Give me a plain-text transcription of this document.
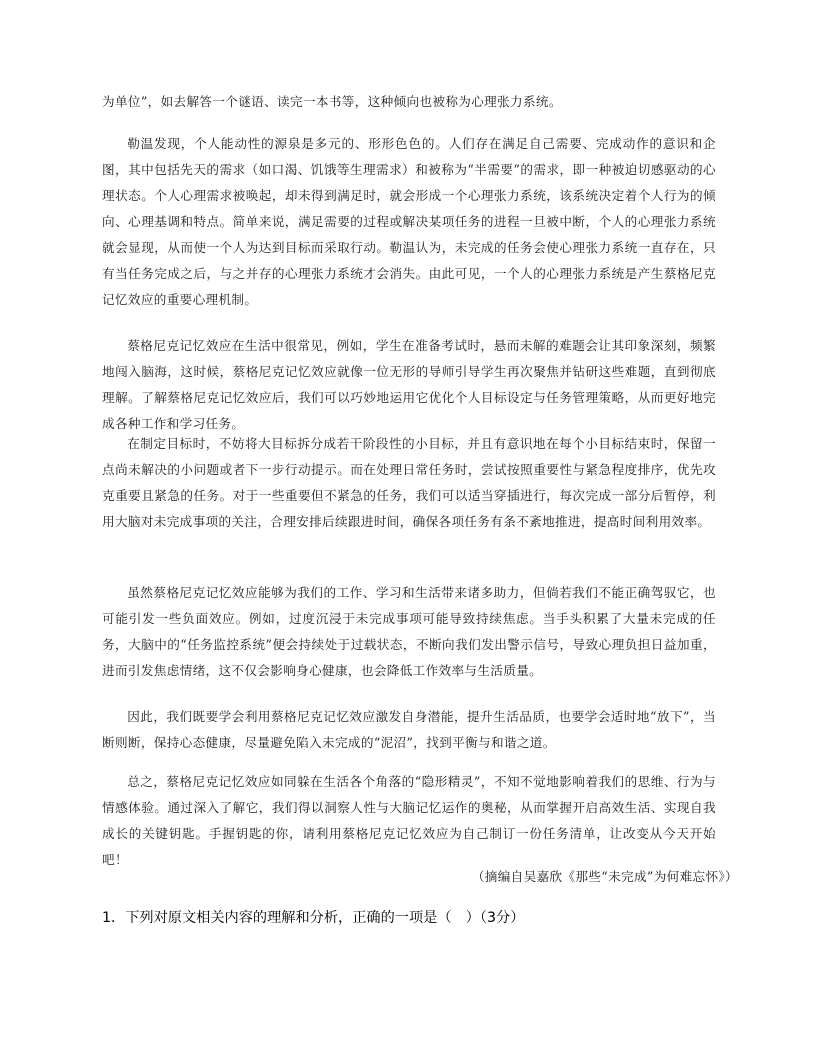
为单位”，如去解答一个谜语、读完一本书等，这种倾向也被称为心理张力系统。

勒温发现，个人能动性的源泉是多元的、形形色色的。人们存在满足自己需要、完成动作的意识和企图，其中包括先天的需求（如口渴、饥饿等生理需求）和被称为“半需要”的需求，即一种被迫切感驱动的心理状态。个人心理需求被唤起，却未得到满足时，就会形成一个心理张力系统，该系统决定着个人行为的倾向、心理基调和特点。简单来说，满足需要的过程或解决某项任务的进程一旦被中断，个人的心理张力系统就会显现，从而使一个人为达到目标而采取行动。勒温认为，未完成的任务会使心理张力系统一直存在，只有当任务完成之后，与之并存的心理张力系统才会消失。由此可见，一个人的心理张力系统是产生蔡格尼克记忆效应的重要心理机制。

蔡格尼克记忆效应在生活中很常见，例如，学生在准备考试时，悬而未解的难题会让其印象深刻，频繁地闯入脑海，这时候，蔡格尼克记忆效应就像一位无形的导师引导学生再次聚焦并钻研这些难题，直到彻底理解。了解蔡格尼克记忆效应后，我们可以巧妙地运用它优化个人目标设定与任务管理策略，从而更好地完成各种工作和学习任务。

在制定目标时，不妨将大目标拆分成若干阶段性的小目标，并且有意识地在每个小目标结束时，保留一点尚未解决的小问题或者下一步行动提示。而在处理日常任务时，尝试按照重要性与紧急程度排序，优先攻克重要且紧急的任务。对于一些重要但不紧急的任务，我们可以适当穿插进行，每次完成一部分后暂停，利用大脑对未完成事项的关注，合理安排后续跟进时间，确保各项任务有条不紊地推进，提高时间利用效率。

虽然蔡格尼克记忆效应能够为我们的工作、学习和生活带来诸多助力，但倘若我们不能正确驾驭它，也可能引发一些负面效应。例如，过度沉浸于未完成事项可能导致持续焦虑。当手头积累了大量未完成的任务，大脑中的“任务监控系统”便会持续处于过载状态，不断向我们发出警示信号，导致心理负担日益加重，进而引发焦虑情绪，这不仅会影响身心健康，也会降低工作效率与生活质量。

因此，我们既要学会利用蔡格尼克记忆效应激发自身潜能，提升生活品质，也要学会适时地“放下”，当断则断，保持心态健康，尽量避免陷入未完成的“泥沼”，找到平衡与和谐之道。

总之，蔡格尼克记忆效应如同躲在生活各个角落的“隐形精灵”，不知不觉地影响着我们的思维、行为与情感体验。通过深入了解它，我们得以洞察人性与大脑记忆运作的奥秘，从而掌握开启高效生活、实现自我成长的关键钥匙。手握钥匙的你，请利用蔡格尼克记忆效应为自己制订一份任务清单，让改变从今天开始吧！

（摘编自吴嘉欣《那些“未完成”为何难忘怀》）
1．下列对原文相关内容的理解和分析，正确的一项是（　）（3分）
